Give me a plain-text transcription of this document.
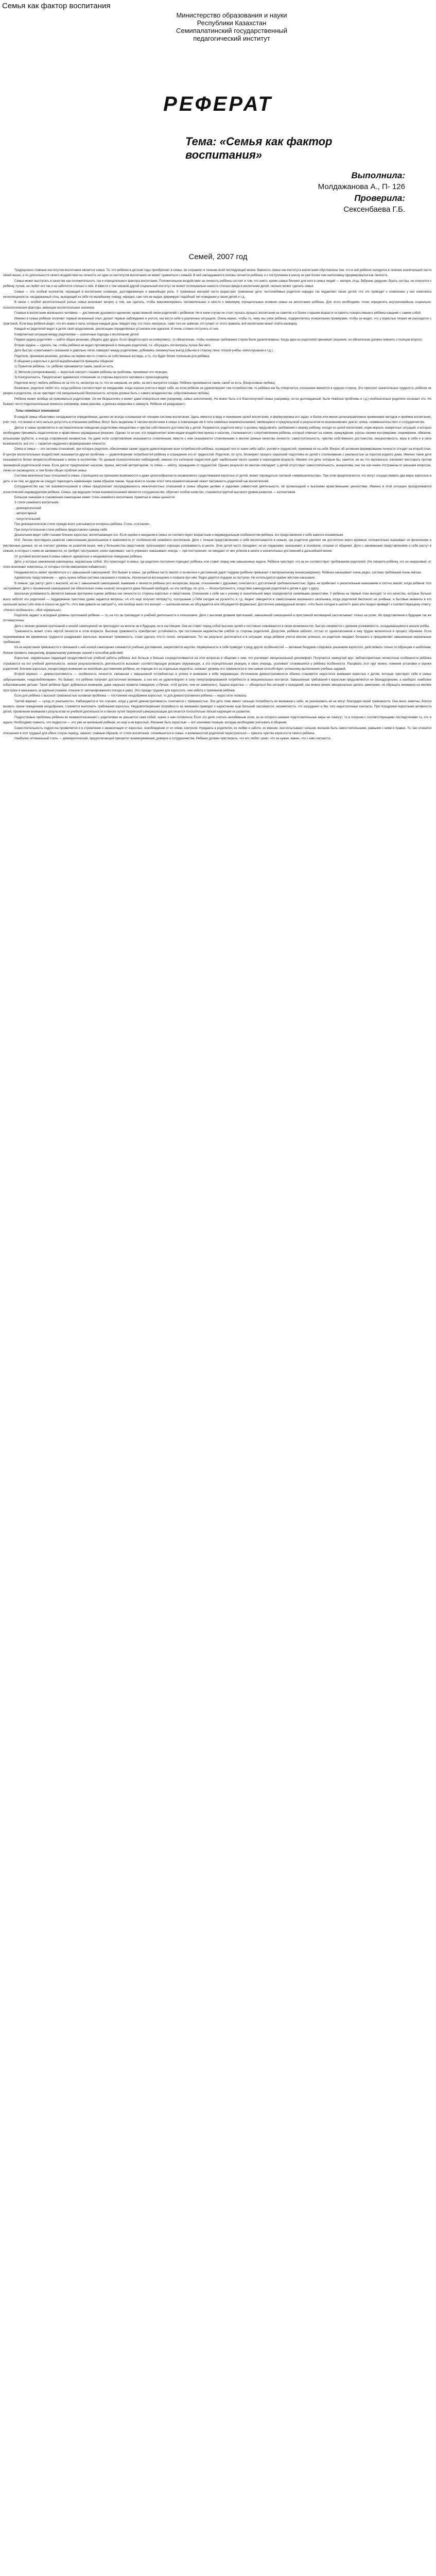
Семья как фактор воспитания
Министерство образования и науки
Республики Казахстан
Семипалатинский государственный
педагогический институт
РЕФЕРАТ
Тема: «Семья как фактор воспитания»
Выполнила:
Молдажанова А., П- 126
Проверила:
Сексенбаева Г.Б.
Семей, 2007 год

Традиционно главным институтом воспитания является семья. То, что ребёнок в детские годы приобретает в семье, он сохраняет в течение всей последующей жизни. Важность семьи как института воспитания обусловлена тем, что в ней ребёнок находится в течение значительной части своей жизни, и по длительности своего воздействия на личность ни один из институтов воспитания не может сравниться с семьёй. В ней закладываются основы личности ребёнка, и к поступлению в школу он уже более чем наполовину сформировался как личность.

Семья может выступать в качестве как положительного, так и отрицательного фактора воспитания. Положительное воздействие на личность ребёнка состоит в том, что никто, кроме самых близких для него в семье людей — матери, отца, бабушки, дедушки, брата, сестры, не относится к ребёнку лучше, не любит его так и не заботится столько о нём. И вместе с тем никакой другой социальный институт не может потенциально нанести столько вреда в воспитании детей, сколько может сделать семья.

Семья — это особый коллектив, играющий в воспитании основную, долговременную и важнейшую роль. У тревожных матерей часто вырастают тревожные дети; честолюбивые родители нередко так подавляют своих детей, что это приводит к появлению у них комплекса неполноценности; несдержанный отец, выходящий из себя по малейшему поводу, нередко, сам того не ведая, формирует подобный тип поведения у своих детей и т.д.

В связи с особой воспитательной ролью семьи возникает вопрос о том, как сделать, чтобы максимизировать положительные и свести к минимуму отрицательные влияния семьи на воспитание ребёнка. Для этого необходимо точно определить внутрисемейные социально-психологические факторы, имеющие воспитательное значение.

Главное в воспитании маленького человека — достижение душевного единения, нравственной связи родителей с ребёнком. Ни в коем случае не стоит пускать процесс воспитания на самотёк и в более старшем возрасте оставлять повзрослевшего ребёнка наедине с самим собой.

Именно в семье ребёнок получает первый жизненный опыт, делает первые наблюдения и учится, как вести себя в различных ситуациях. Очень важно, чтобы то, чему мы учим ребёнка, подкреплялось конкретными примерами, чтобы он видел, что у взрослых теория не расходится с практикой. Если ваш ребёнок видит, что его мама и папа, которые каждый день твердят ему, что лгать нехорошо, сами того не замечая, отступают от этого правила, всё воспитание может пойти насмарку.

Каждый из родителей видит в детях своё продолжение, реализацию определённых установок или идеалов. И очень сложно отступить от них.

Конфликтная ситуация между родителями — различные подходы к воспитанию детей.

Первая задача родителей — найти общее решение, убедить друг друга. Если придётся идти на компромисс, то обязательно, чтобы основные требования сторон были удовлетворены. Когда один из родителей принимает решение, он обязательно должен помнить о позиции второго.

Вторая задача — сделать так, чтобы ребёнок не видел противоречий в позициях родителей, т.е. обсуждать эти вопросы лучше без него.

Дети быстро «схватывают» сказанное и довольно легко лавируют между родителями, добиваясь сиюминутных выгод (обычно в сторону лени, плохой учёбы, непослушания и т.д.).

Родители, принимая решение, должны на первое место ставить не собственные взгляды, а то, что будет более полезным для ребёнка.

В общении у взрослых и детей вырабатываются принципы общения:

1) Принятие ребёнка, т.е. ребёнок принимается таким, какой он есть.

2) Эмпатия (сопереживание) — взрослый смотрит глазами ребёнка на проблемы, принимает его позицию.

3) Конгруэнтность. Предполагает адекватное отношение со стороны взрослого человека к происходящему.

Родители могут любить ребёнка не за что-то, несмотря на то, что он некрасив, не умён, на него жалуются соседи. Ребёнок принимается таким, какой он есть. (Безусловная любовь)

Возможно, родители любят его, когда ребёнок соответствует их ожиданиям, когда хорошо учится и ведёт себя. но если ребёнок не удовлетворяет тем потребностям, то ребёнок как бы отвергается, отношение меняется в худшую сторону. Это приносит значительные трудности, ребёнок не уверен в родителях, он не чувствует той эмоциональной безопасности, которая должна быть с самого младенчества. (обусловленная любовь)

Ребёнок может вообще не приниматься родителями. Он им безразличен и может даже отвергаться ими (например, семья алкоголиков). Но может быть и в благополучной семье (например, он не долгожданный, были тяжёлые проблемы и т.д.) необязательно родители осознают это. Но бывают чисто подсознательные моменты (например, мама красива, а девочка некрасива и замкнута. Ребёнок её раздражает.)

Типы семейных отношений

В каждой семье объективно складывается определённая, далеко не всегда осознанная её членами система воспитания. Здесь имеется в виду и понимание целей воспитания, и формулировка его задач, и более или менее целенаправленное применение методов и приёмов воспитания, учёт того, что можно и чего нельзя допустить в отношении ребёнка. Могут быть выделены 4 тактики воспитания в семье и отвечающие им 4 типа семейных взаимоотношений, являющиеся и предпосылкой и результатом их возникновения: диктат, опека, «невмешательство» и сотрудничество.

Диктат в семье проявляется в систематическом поведении родителями инициативы и чувства собственного достоинства у детей. Разумеется, родители могут и должны предъявлять требования к своему ребёнку, исходя из целей воспитания, норм морали, конкретных ситуаций, в которых необходимо принимать педагогически и нравственно оправданные решения. Однако те из них, кто предпочитает всем видам воздействия приказ и насилие, сталкиваются с сопротивлением ребёнка, который отвечает на нажим, принуждение, угрозы своими контрмерами: лицемерием, обманом, вспышками грубости, а иногда откровенной ненавистью. Но даже если сопротивление оказывается сломленным, вместе с ним оказываются сломленными и многие ценные качества личности: самостоятельность, чувство собственного достоинства, инициативность, вера в себя и в свои возможности, всё это — гарантия неудачного формирования личности.

Опека в семье — это система отношений, при которых родители, обеспечивая своим трудом удовлетворение всех потребностей ребёнка, ограждают его от каких-либо забот, усилий и трудностей, принимая их на себя. Вопрос об активном формировании личности отходит на второй план. В центре воспитательных воздействий оказывается другая проблема — удовлетворение потребностей ребёнка и ограждение его от трудностей. Родители, по сути, блокируют процесс серьёзной подготовки их детей к столкновению с реальностью за порогом родного дома. Именно такие дети оказываются более неприспособленными к жизни в коллективе. По данным психологических наблюдений, именно эта категория подростков даёт наибольшее число срывов в переходном возрасте. Именно эти дети, которым бы, кажется, не на что жаловаться, начинают восставать против чрезмерной родительской опеки. Если диктат предполагает насилие, приказ, жёсткий авторитаризм, то опека — заботу, ограждение от трудностей. Однако результат во многом совпадает: у детей отсутствует самостоятельность, инициатива, они так или иначе отстранены от решения вопросов, лично их касающихся, а тем более общих проблем семьи.

Система межличностных отношений в семье, строящаяся на признании возможности и даже целесообразности независимого существования взрослых от детей, может порождаться тактикой «невмешательства». При этом предполагается, что могут сосуществовать два мира: взрослые и дети, и ни тем, ни другим не следует переходить намеченную таким образом линию. Чаще всего в основе этого типа взаимоотношений лежит пассивность родителей как воспитателей.

Сотрудничество как тип взаимоотношений в семье предполагает опосредованность межличностных отношений в семье общими целями и задачами совместной деятельности, её организацией и высокими нравственными ценностями. Именно в этой ситуации преодолевается эгоистический индивидуализм ребёнка. Семья, где ведущим типом взаимоотношений является сотрудничество, обретает особое качество, становится группой высокого уровня развития — коллективом.

Большое значение в становлении самооценки имеет стиль семейного воспитания, принятые в семье ценности.

3 стиля семейного воспитания:

- демократический

- авторитарный

- попустительский

При демократическом стиле прежде всего учитываются интересы ребёнка. Стиль «согласия».

При попустительском стиле ребёнок предоставлен самому себе.

Дошкольник видит себя глазами близких взрослых, воспитывающих его. Если оценки и ожидания в семье не соответствуют возрастным и индивидуальным особенностям ребёнка, его представление о себе кажется искажённым.

М.И. Лисина проследила развитие самосознания дошкольников в зависимости от особенностей семейного воспитания. Дети с точным представлением о себе воспитываются в семьях, где родители уделяют им достаточно много времени; положительно оценивают их физические и умственные данные, но не считают уровень их развития выше, чем у большинства сверстников; прогнозируют хорошую успеваемость в школе. Этих детей часто поощряют, но не подарками; наказывают, в основном, отказом от общения. Дети с заниженным представлением о себе растут в семьях, в которых с ними не занимаются, но требуют послушания; низко оценивают, часто упрекают, наказывают, иногда — при посторонних; не ожидают от них успехов в школе и значительных достижений в дальнейшей жизни.

От условий воспитания в семье зависит адекватное и неадекватное поведение ребёнка.

Дети, у которых заниженная самооценка, недовольны собой. Это происходит в семье, где родители постоянно порицают ребёнка, или ставят перед ним завышенные задачи. Ребёнок чувствует, что он не соответствует требованиям родителей. (Не говорите ребёнку, что он некрасивый, от этого возникают комплексы, от которых потом невозможно избавиться.)

Неадекватность может проявляться и с завышенной самооценкой. Это бывает в семье, где ребёнка часто хвалят, и за мелочи и достижения дарят подарки (ребёнок привыкает к материальному вознаграждению). Ребёнка наказывают очень редко, система требования очень мягкая.

Адекватное представление — здесь нужна гибкая система наказания и похвалы. Исключается восхищение и похвала при нём. Редко дарятся подарки за поступки. Не используются крайне жёсткие наказания.

В семьях, где растут дети с высокой, но не с завышенной самооценкой, внимание к личности ребёнка (его интересам, вкусам, отношениям с друзьями) сочетается с достаточной требовательностью. Здесь не прибегают к унизительным наказаниям и охотно хвалят, когда ребёнок того заслуживает. Дети с пониженной самооценкой (не обязательно очень низкой) пользуются дома большей свободой, но эта свобода, по сути, — бесконтрольность, следствие равнодушия родителей к детям и друг к другу.

Школьная успеваемость является важным критерием оценки ребёнка как личности со стороны взрослых и сверстников. Отношение к себе как к ученику в значительной мере определяется семейными ценностями. У ребёнка на первый план выходят те его качества, которые больше всего заботят его родителей — поддержание престижа (дома задаются вопросы: «А кто ещё получил пятёрку?»), послушание («Тебя сегодня не ругали?») и т.д. Акцент смещается в самосознании маленького школьника, когда родителей беспокоят не учебные, а бытовые моменты в его школьной жизни («Из окон в классе не дует?», «Что вам давали на завтрак?»), или вообще мало что волнует — школьная жизнь не обсуждается или обсуждается формально. Достаточно равнодушный вопрос: «Что было сегодня в школе?» рано или поздно приведёт к соответствующему ответу: «Ничего особенного», «Всё нормально».

Родители задают и исходный уровень притязаний ребёнка — то, на что он претендует в учебной деятельности и отношениях. Дети с высоким уровнем притязаний, завышенной самооценкой и престижной мотивацией рассчитывают только на успех. Их представления о будущем так же оптимистичны.

Дети с низким уровнем притязаний и низкой самооценкой не претендуют на многое ни в будущем, ни в настоящем. Они не ставят перед собой высоких целей и постоянно сомневаются в своих возможностях, быстро смиряются с уровнем успеваемости, складывающимся в начале учёбы.

Тревожность может стать чертой личности в этом возрасте. Высокая тревожность приобретает устойчивость при постоянном недовольстве учёбой со стороны родителей. Допустим, ребёнок заболел, отстал от одноклассников и ему трудно включиться в процесс обучения. Если переживаемые им временные трудности раздражают взрослых, возникает тревожность, страх сделать что-то плохо, неправильно. Тот же результат достигается и в ситуации, когда ребёнок учится вполне успешно, но родители ожидают большего и предъявляют завышенные нереальные требования.

Из-за нарастания тревожности и связанной с ней низкой самооценки снижаются учебные достижения, закрепляется неуспех. Неуверенность в себе приводит к ряду других особенностей — желанию бездумно следовать указаниям взрослого, действовать только по образцам и шаблонам, боязни проявить инициативу, формальному усвоению знаний и способов действий.

Взрослые, недовольные падающей продуктивностью учебной работы ребёнка, всё больше и больше сосредоточиваются на этих вопросах в общении с ним, что усиливает эмоциональный дискомфорт. Получается замкнутый круг: неблагоприятные личностные особенности ребёнка отражаются на его учебной деятельности, низкая результативность деятельности вызывает соответствующую реакцию окружающих, а эта отрицательная реакция, в свою очередь, усиливает сложившиеся у ребёнка особенности. Разорвать этот круг можно, изменив установки и оценки родителей. Близкие взрослые, концентрируя внимание на малейших достижениях ребёнка, не порицая его за отдельные недочёты, снижают уровень его тревожности и тем самым способствуют успешному выполнению учебных заданий.

Второй вариант — демонстративность — особенность личности, связанная с повышенной потребностью в успехе и внимании к себе окружающих. Источником демонстративности обычно становится недостаток внимания взрослых к детям, которые чувствуют себя в семье заброшенными, «недолюбленными». Но бывает, что ребёнок получает достаточное внимание, а оно его не удовлетворяет в силу гипертрофированной потребности в эмоциональных контактах. Завышенные требования к взрослым предъявляются не безнадзорными, а наоборот, наиболее избалованными детьми. Такой ребёнок будет добиваться внимания, даже нарушая правила поведения. («Лучше, чтоб ругали, чем не замечали»). Задача взрослых — обходиться без нотаций и назиданий, как можно менее эмоционально делать замечания, не обращать внимания на мелкие проступки и наказывать за крупные (скажем, отказом от запланированного похода в цирк). Это гораздо труднее для взрослого, чем забота о тревожном ребёнке.

Если для ребёнка с высокой тревожностью основная проблема — постоянное неодобрение взрослых, то для демонстративного ребёнка — недостаток похвалы.

Третий вариант — «уход от реальности». Наблюдается в тех случаях, когда у детей демонстративность сочетается с тревожностью. Эти дети тоже имеют сильную потребность во внимании к себе, но реализовать её не могут благодаря своей тревожности. Они мало заметны, боятся вызвать своим поведением неодобрение, стремятся выполнять требования взрослых. Неудовлетворённая потребность во внимании приводит к нарастанию ещё большей пассивности, незаметности, что затрудняет и без того недостаточные контакты. При поощрении взрослыми активности детей, проявлении внимания к результатам их учебной деятельности и поиске путей творческой самореализации достигается относительно лёгкая коррекция их развития.

Подростковые проблемы ребёнка во взаимоотношениях с родителями не решаются сами собой, нужно к ним готовиться. Если это дело считать неизбежным злом, из-за которого никакие подготовительные меры не помогут, то и получим с соответствующими последствиями то, что и ждали. Необходимо помнить, что подросток — это уже не маленький ребёнок, но ещё и не взрослый. Желание быть взрослым — вот ключевая позиция, которую необходимо учитывать в общении.

Самостоятельность подростка проявляется и в стремлении к эмансипации от взрослых, освобождении от их опеки, контроля. Нуждаясь в родителях, их любви и заботе, их мнении, они испытывают сильное желание быть самостоятельными, равными с ними в правах. То, как сложатся отношения в этот трудный для обеих сторон период, зависит, главным образом, от стиля воспитания, сложившегося в семье, и возможностей родителей перестроиться — принять чувство взрослости своего ребёнка.

Наиболее оптимальный стиль — демократический, предполагающий приоритет взаимоуважения, доверия и сотрудничества. Ребёнок должен чувствовать, что его любят, ценят, что он нужен, важен, что с ним считаются.
